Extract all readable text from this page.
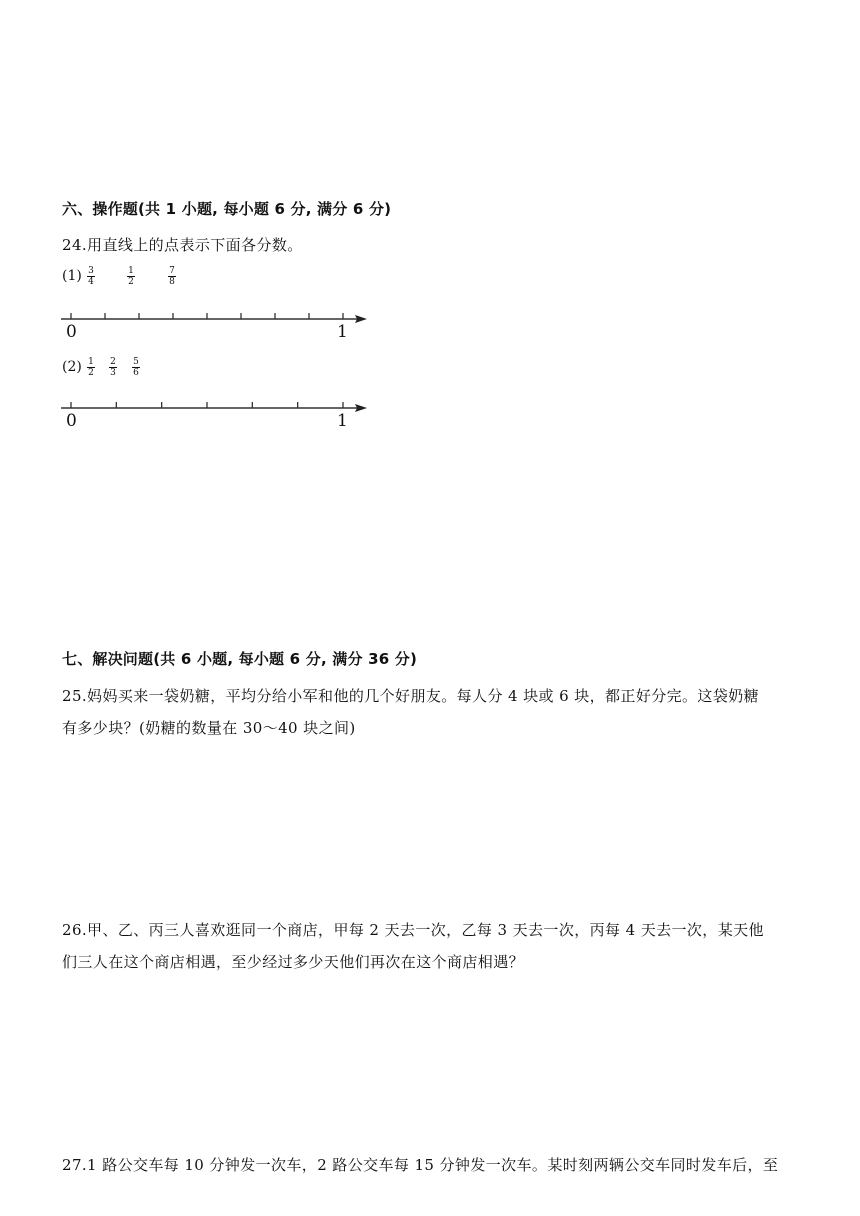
六、操作题(共 1 小题, 每小题 6 分, 满分 6 分)
24.用直线上的点表示下面各分数。
(1) 3
4
1
2
7
8
0	1
(2) 1
2
2
3
5
6
0	1
七、解决问题(共 6 小题, 每小题 6 分, 满分 36 分)
25.妈妈买来一袋奶糖，平均分给小军和他的几个好朋友。每人分 4 块或 6 块，都正好分完。这袋奶糖
有多少块？(奶糖的数量在 30～40 块之间)
26.甲、乙、丙三人喜欢逛同一个商店，甲每 2 天去一次，乙每 3 天去一次，丙每 4 天去一次，某天他
们三人在这个商店相遇，至少经过多少天他们再次在这个商店相遇？
27.1 路公交车每 10 分钟发一次车，2 路公交车每 15 分钟发一次车。某时刻两辆公交车同时发车后，至
